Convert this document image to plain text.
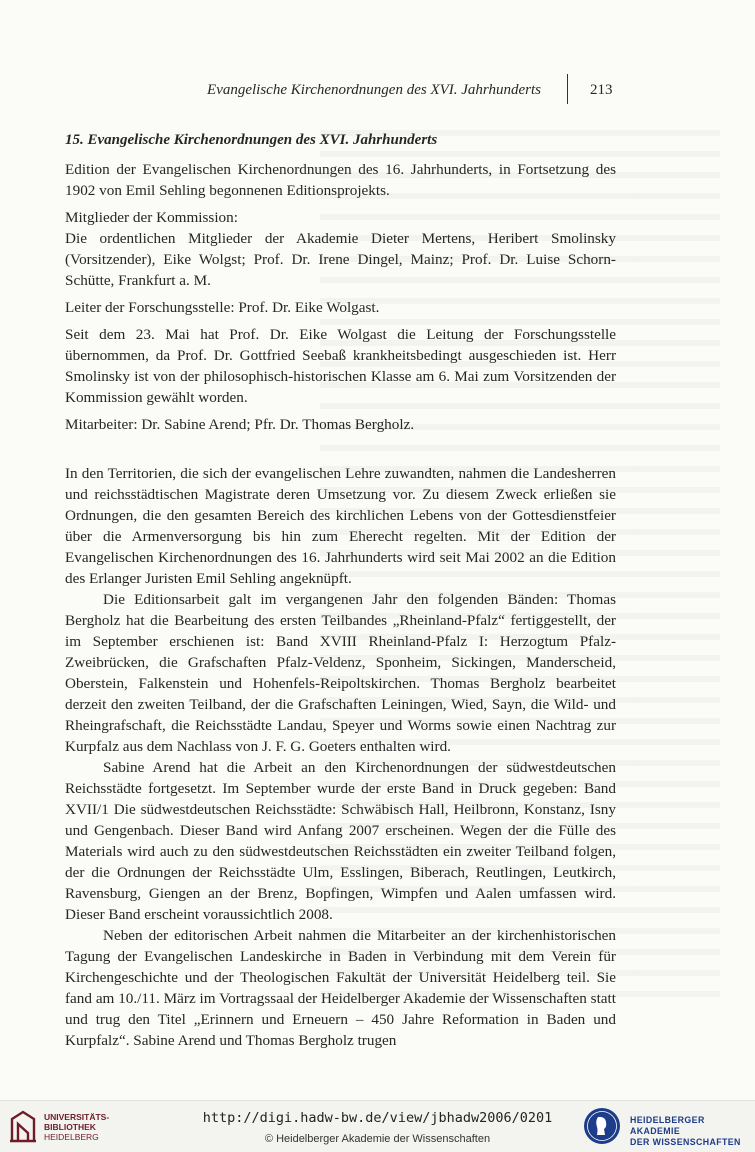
Evangelische Kirchenordnungen des XVI. Jahrhunderts	213
15. Evangelische Kirchenordnungen des XVI. Jahrhunderts

Edition der Evangelischen Kirchenordnungen des 16. Jahrhunderts, in Fortsetzung des 1902 von Emil Sehling begonnenen Editionsprojekts.

Mitglieder der Kommission:

Die ordentlichen Mitglieder der Akademie Dieter Mertens, Heribert Smolinsky (Vorsitzender), Eike Wolgst; Prof. Dr. Irene Dingel, Mainz; Prof. Dr. Luise Schorn-Schütte, Frankfurt a. M.

Leiter der Forschungsstelle: Prof. Dr. Eike Wolgast.

Seit dem 23. Mai hat Prof. Dr. Eike Wolgast die Leitung der Forschungsstelle übernommen, da Prof. Dr. Gottfried Seebaß krankheitsbedingt ausgeschieden ist. Herr Smolinsky ist von der philosophisch-historischen Klasse am 6. Mai zum Vorsitzenden der Kommission gewählt worden.

Mitarbeiter: Dr. Sabine Arend; Pfr. Dr. Thomas Bergholz.

In den Territorien, die sich der evangelischen Lehre zuwandten, nahmen die Landesherren und reichsstädtischen Magistrate deren Umsetzung vor. Zu diesem Zweck erließen sie Ordnungen, die den gesamten Bereich des kirchlichen Lebens von der Gottesdienstfeier über die Armenversorgung bis hin zum Eherecht regelten. Mit der Edition der Evangelischen Kirchenordnungen des 16. Jahrhunderts wird seit Mai 2002 an die Edition des Erlanger Juristen Emil Sehling angeknüpft.

Die Editionsarbeit galt im vergangenen Jahr den folgenden Bänden: Thomas Bergholz hat die Bearbeitung des ersten Teilbandes „Rheinland-Pfalz“ fertiggestellt, der im September erschienen ist: Band XVIII Rheinland-Pfalz I: Herzogtum Pfalz-Zweibrücken, die Grafschaften Pfalz-Veldenz, Sponheim, Sickingen, Manderscheid, Oberstein, Falkenstein und Hohenfels-Reipoltskirchen. Thomas Bergholz bearbeitet derzeit den zweiten Teilband, der die Grafschaften Leiningen, Wied, Sayn, die Wild- und Rheingrafschaft, die Reichsstädte Landau, Speyer und Worms sowie einen Nachtrag zur Kurpfalz aus dem Nachlass von J. F. G. Goeters enthalten wird.

Sabine Arend hat die Arbeit an den Kirchenordnungen der südwestdeutschen Reichsstädte fortgesetzt. Im September wurde der erste Band in Druck gegeben: Band XVII/1 Die südwestdeutschen Reichsstädte: Schwäbisch Hall, Heilbronn, Konstanz, Isny und Gengenbach. Dieser Band wird Anfang 2007 erscheinen. Wegen der die Fülle des Materials wird auch zu den südwestdeutschen Reichsstädten ein zweiter Teilband folgen, der die Ordnungen der Reichsstädte Ulm, Esslingen, Biberach, Reutlingen, Leutkirch, Ravensburg, Giengen an der Brenz, Bopfingen, Wimpfen und Aalen umfassen wird. Dieser Band erscheint voraussichtlich 2008.

Neben der editorischen Arbeit nahmen die Mitarbeiter an der kirchenhistorischen Tagung der Evangelischen Landeskirche in Baden in Verbindung mit dem Verein für Kirchengeschichte und der Theologischen Fakultät der Universität Heidelberg teil. Sie fand am 10./11. März im Vortragssaal der Heidelberger Akademie der Wissenschaften statt und trug den Titel „Erinnern und Erneuern – 450 Jahre Reformation in Baden und Kurpfalz“. Sabine Arend und Thomas Bergholz trugen

UNIVERSITÄTS-
BIBLIOTHEK
HEIDELBERG
http://digi.hadw-bw.de/view/jbhadw2006/0201
© Heidelberger Akademie der Wissenschaften
HEIDELBERGER AKADEMIE
DER WISSENSCHAFTEN
